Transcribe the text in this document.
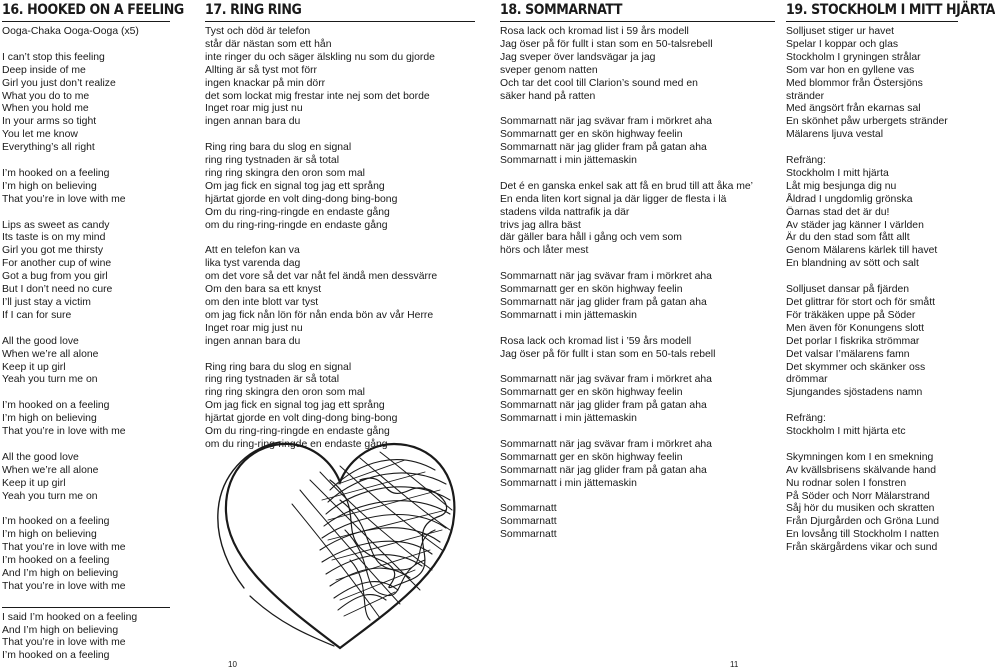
16. HOOKED ON A FEELING
Ooga-Chaka Ooga-Ooga (x5)
I can’t stop this feeling
Deep inside of me
Girl you just don’t realize
What you do to me
When you hold me
In your arms so tight
You let me know
Everything’s all right
I’m hooked on a feeling
I’m high on believing
That you’re in love with me
Lips as sweet as candy
Its taste is on my mind
Girl you got me thirsty
For another cup of wine
Got a bug from you girl
But I don’t need no cure
I’ll just stay a victim
If I can for sure
All the good love
When we’re all alone
Keep it up girl
Yeah you turn me on
I’m hooked on a feeling
I’m high on believing
That you’re in love with me
All the good love
When we’re all alone
Keep it up girl
Yeah you turn me on
I’m hooked on a feeling
I’m high on believing
That you’re in love with me
I’m hooked on a feeling
And I’m high on believing
That you’re in love with me
I said I’m hooked on a feeling
And I’m high on believing
That you’re in love with me
I’m hooked on a feeling
17. RING RING
Tyst och död är telefon
står där nästan som ett hån
inte ringer du och säger älskling nu som du gjorde
Allting är så tyst mot förr
ingen knackar på min dörr
det som lockat mig frestar inte nej som det borde
Inget roar mig just nu
ingen annan bara du
Ring ring bara du slog en signal
ring ring tystnaden är så total
ring ring skingra den oron som mal
Om jag fick en signal tog jag ett språng
hjärtat gjorde en volt ding-dong bing-bong
Om du ring-ring-ringde en endaste gång
om du ring-ring-ringde en endaste gång
Att en telefon kan va
lika tyst varenda dag
om det vore så det var nåt fel ändå men dessvärre
Om den bara sa ett knyst
om den inte blott var tyst
om jag fick nån lön för nån enda bön av vår Herre
Inget roar mig just nu
ingen annan bara du
Ring ring bara du slog en signal
ring ring tystnaden är så total
ring ring skingra den oron som mal
Om jag fick en signal tog jag ett språng
hjärtat gjorde en volt ding-dong bing-bong
Om du ring-ring-ringde en endaste gång
om du ring-ring-ringde en endaste gång
18. SOMMARNATT
Rosa lack och kromad list i 59 års modell
Jag öser på för fullt i stan som en 50-talsrebell
Jag sveper över landsvägar ja jag
sveper genom natten
Och tar det cool till Clarion’s sound med en
säker hand på ratten
Sommarnatt när jag svävar fram i mörkret aha
Sommarnatt ger en skön highway feelin
Sommarnatt när jag glider fram på gatan aha
Sommarnatt i min jättemaskin
Det é en ganska enkel sak att få en brud till att åka me’
En enda liten kort signal ja där ligger de flesta i lä
stadens vilda nattrafik ja där
trivs jag allra bäst
där gäller bara håll i gång och vem som
hörs och låter mest
Sommarnatt när jag svävar fram i mörkret aha
Sommarnatt ger en skön highway feelin
Sommarnatt när jag glider fram på gatan aha
Sommarnatt i min jättemaskin
Rosa lack och kromad list i ’59 års modell
Jag öser på för fullt i stan som en 50-tals rebell
Sommarnatt när jag svävar fram i mörkret aha
Sommarnatt ger en skön highway feelin
Sommarnatt när jag glider fram på gatan aha
Sommarnatt i min jättemaskin
Sommarnatt när jag svävar fram i mörkret aha
Sommarnatt ger en skön highway feelin
Sommarnatt när jag glider fram på gatan aha
Sommarnatt i min jättemaskin
Sommarnatt
Sommarnatt
Sommarnatt
19. STOCKHOLM I MITT HJÄRTA
Solljuset stiger ur havet
Spelar I koppar och glas
Stockholm I gryningen strålar
Som var hon en gyllene vas
Med blommor från Östersjöns
stränder
Med ängsört från ekarnas sal
En skönhet påw urbergets stränder
Mälarens ljuva vestal
Refräng:
Stockholm I mitt hjärta
Låt mig besjunga dig nu
Åldrad I ungdomlig grönska
Öarnas stad det är du!
Av städer jag känner I världen
Är du den stad som fått allt
Genom Mälarens kärlek till havet
En blandning av sött och salt
Solljuset dansar på fjärden
Det glittrar för stort och för smått
För träkäken uppe på Söder
Men även för Konungens slott
Det porlar I fiskrika strömmar
Det valsar I’mälarens famn
Det skymmer och skänker oss
drömmar
Sjungandes sjöstadens namn
Refräng:
Stockholm I mitt hjärta etc
Skymningen kom I en smekning
Av kvällsbrisens skälvande hand
Nu rodnar solen I fonstren
På Söder och Norr Mälarstrand
Såj hör du musiken och skratten
Från Djurgården och Gröna Lund
En lovsång till Stockholm I natten
Från skärgårdens vikar och sund
10	11
